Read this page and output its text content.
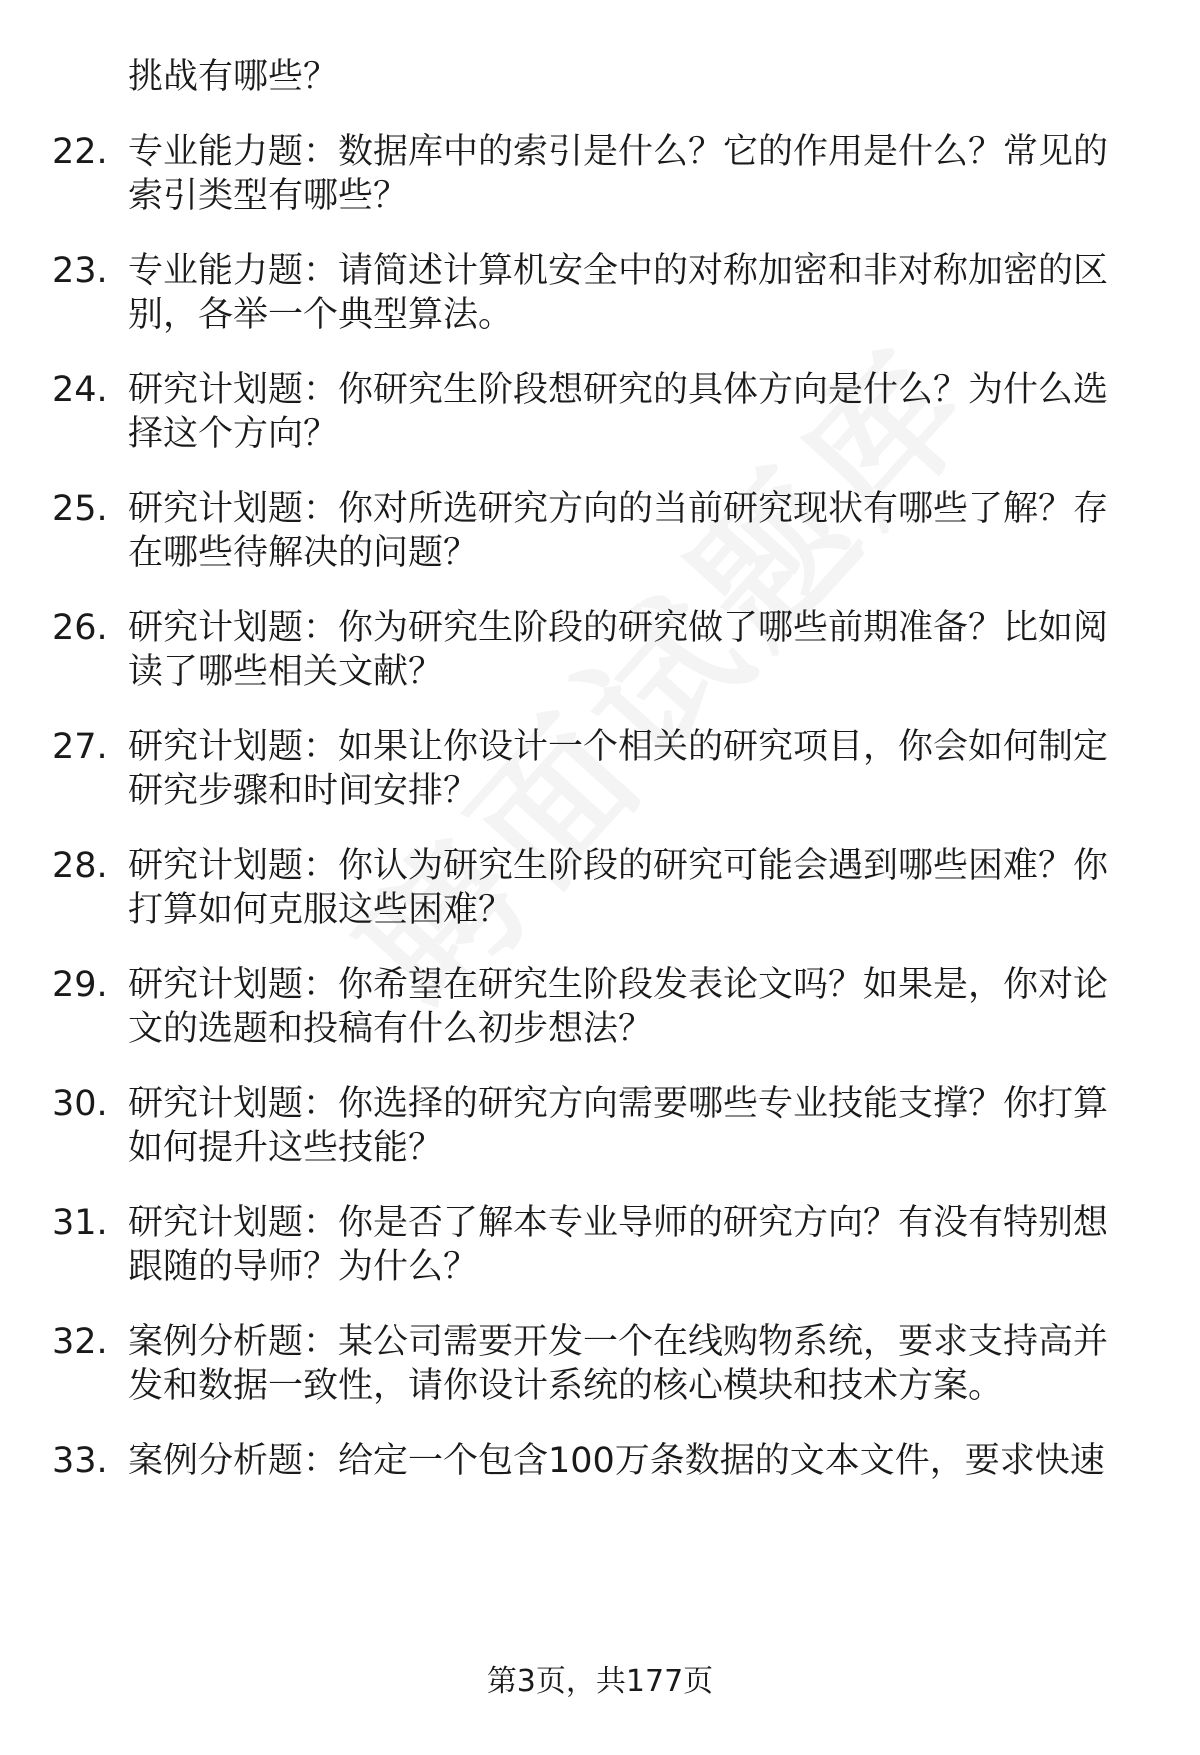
挑战有哪些？
22. 专业能力题：数据库中的索引是什么？它的作用是什么？常见的
索引类型有哪些？
23. 专业能力题：请简述计算机安全中的对称加密和非对称加密的区
别，各举一个典型算法。
24. 研究计划题：你研究生阶段想研究的具体方向是什么？为什么选
择这个方向？
25. 研究计划题：你对所选研究方向的当前研究现状有哪些了解？存
在哪些待解决的问题？
26. 研究计划题：你为研究生阶段的研究做了哪些前期准备？比如阅
读了哪些相关文献？
27. 研究计划题：如果让你设计一个相关的研究项目，你会如何制定
研究步骤和时间安排？
28. 研究计划题：你认为研究生阶段的研究可能会遇到哪些困难？你
打算如何克服这些困难？
29. 研究计划题：你希望在研究生阶段发表论文吗？如果是，你对论
文的选题和投稿有什么初步想法？
30. 研究计划题：你选择的研究方向需要哪些专业技能支撑？你打算
如何提升这些技能？
31. 研究计划题：你是否了解本专业导师的研究方向？有没有特别想
跟随的导师？为什么？
32. 案例分析题：某公司需要开发一个在线购物系统，要求支持高并
发和数据一致性，请你设计系统的核心模块和技术方案。
33. 案例分析题：给定一个包含100万条数据的文本文件，要求快速
第3页，共177页
